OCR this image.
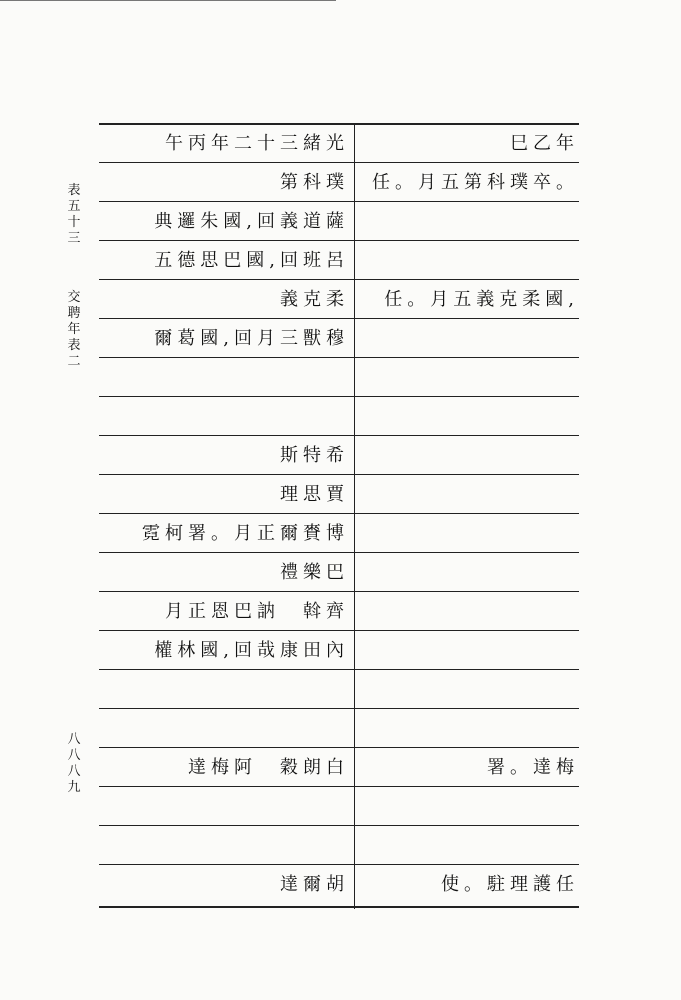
表五十三
交聘年表二
八八八九
午丙年二十三緒光	巳乙年
第科璞	任。月五第科璞卒。
典邏朱國,回義道薩
五德思巴國,回班呂
義克柔	任。月五義克柔國,
爾葛國,回月三獸穆
斯特希
理思賈
霓柯署。月正爾賚博
禮樂巴
月正恩巴訥　斡齊
權林國,回哉康田內
達梅阿　穀朗白	署。達梅
達爾胡	使。駐理護任
